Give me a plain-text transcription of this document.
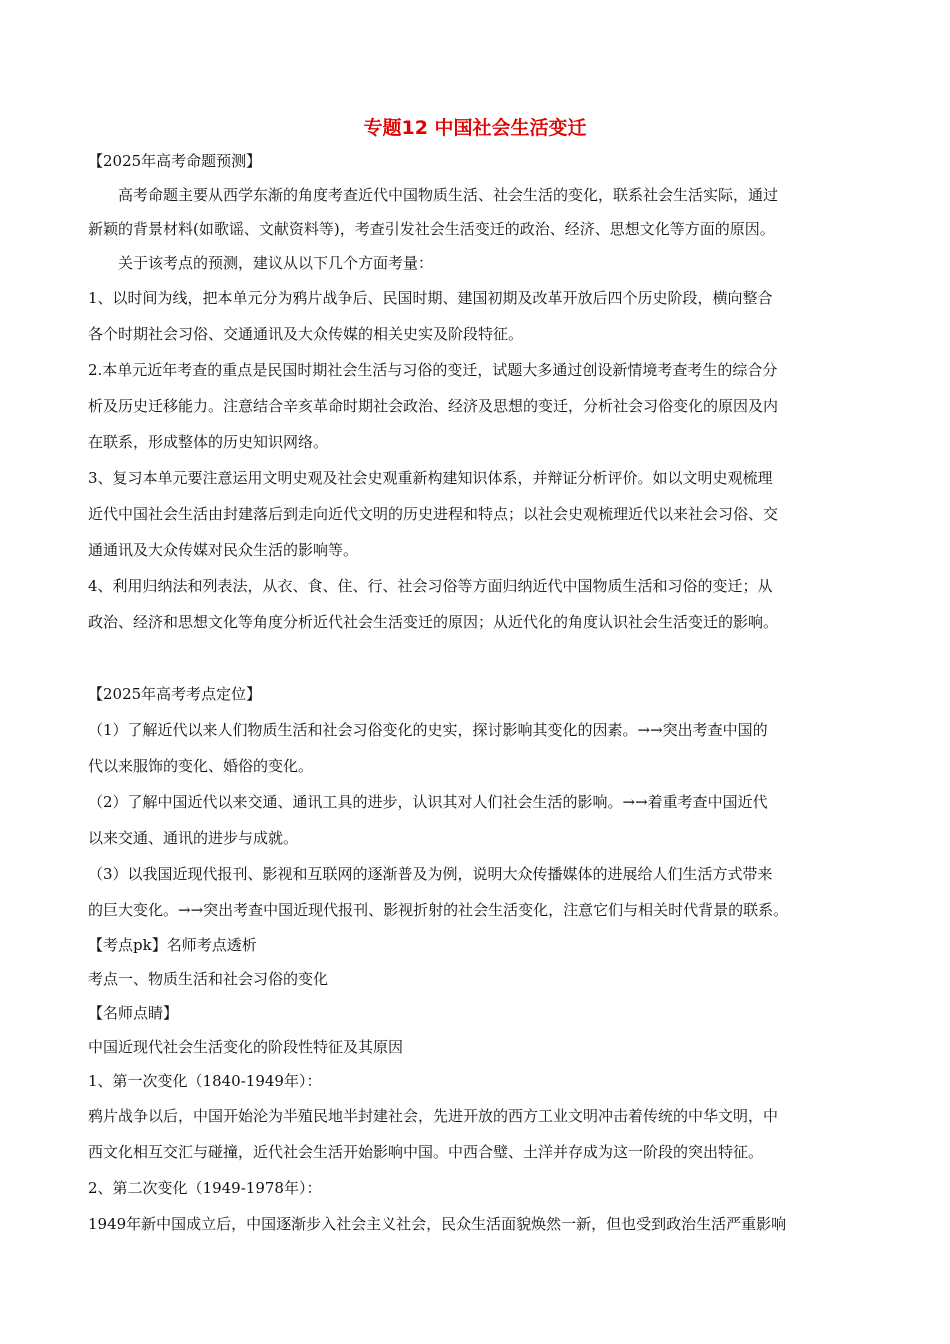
专题12 中国社会生活变迁
【2025年高考命题预测】
高考命题主要从西学东渐的角度考查近代中国物质生活、社会生活的变化，联系社会生活实际，通过
新颖的背景材料(如歌谣、文献资料等)，考查引发社会生活变迁的政治、经济、思想文化等方面的原因。
关于该考点的预测，建议从以下几个方面考量：
1、以时间为线，把本单元分为鸦片战争后、民国时期、建国初期及改革开放后四个历史阶段，横向整合
各个时期社会习俗、交通通讯及大众传媒的相关史实及阶段特征。
2.本单元近年考查的重点是民国时期社会生活与习俗的变迁，试题大多通过创设新情境考查考生的综合分
析及历史迁移能力。注意结合辛亥革命时期社会政治、经济及思想的变迁，分析社会习俗变化的原因及内
在联系，形成整体的历史知识网络。
3、复习本单元要注意运用文明史观及社会史观重新构建知识体系，并辩证分析评价。如以文明史观梳理
近代中国社会生活由封建落后到走向近代文明的历史进程和特点；以社会史观梳理近代以来社会习俗、交
通通讯及大众传媒对民众生活的影响等。
4、利用归纳法和列表法，从衣、食、住、行、社会习俗等方面归纳近代中国物质生活和习俗的变迁；从
政治、经济和思想文化等角度分析近代社会生活变迁的原因；从近代化的角度认识社会生活变迁的影响。
【2025年高考考点定位】
（1）了解近代以来人们物质生活和社会习俗变化的史实，探讨影响其变化的因素。→→突出考查中国的
代以来服饰的变化、婚俗的变化。
（2）了解中国近代以来交通、通讯工具的进步，认识其对人们社会生活的影响。→→着重考查中国近代
以来交通、通讯的进步与成就。
（3）以我国近现代报刊、影视和互联网的逐渐普及为例，说明大众传播媒体的进展给人们生活方式带来
的巨大变化。→→突出考查中国近现代报刊、影视折射的社会生活变化，注意它们与相关时代背景的联系。
【考点pk】名师考点透析
考点一、物质生活和社会习俗的变化
【名师点睛】
中国近现代社会生活变化的阶段性特征及其原因
1、第一次变化（1840-1949年）：
鸦片战争以后，中国开始沦为半殖民地半封建社会，先进开放的西方工业文明冲击着传统的中华文明，中
西文化相互交汇与碰撞，近代社会生活开始影响中国。中西合璧、土洋并存成为这一阶段的突出特征。
2、第二次变化（1949-1978年）：
1949年新中国成立后，中国逐渐步入社会主义社会，民众生活面貌焕然一新，但也受到政治生活严重影响
